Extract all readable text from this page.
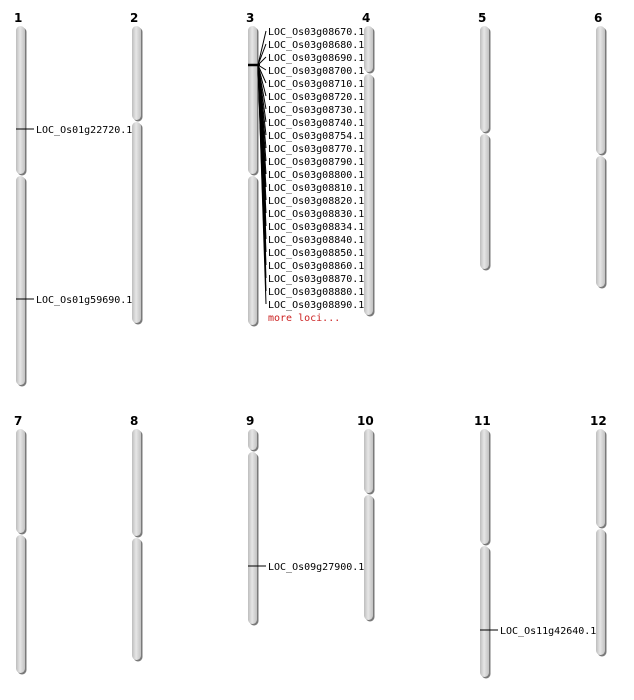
1	2	3	4	5	6
7	8	9	10	11	12
LOC_Os01g22720.1
LOC_Os01g59690.1
LOC_Os09g27900.1
LOC_Os11g42640.1
LOC_Os03g08670.1
LOC_Os03g08680.1
LOC_Os03g08690.1
LOC_Os03g08700.1
LOC_Os03g08710.1
LOC_Os03g08720.1
LOC_Os03g08730.1
LOC_Os03g08740.1
LOC_Os03g08754.1
LOC_Os03g08770.1
LOC_Os03g08790.1
LOC_Os03g08800.1
LOC_Os03g08810.1
LOC_Os03g08820.1
LOC_Os03g08830.1
LOC_Os03g08834.1
LOC_Os03g08840.1
LOC_Os03g08850.1
LOC_Os03g08860.1
LOC_Os03g08870.1
LOC_Os03g08880.1
LOC_Os03g08890.1
more loci...
